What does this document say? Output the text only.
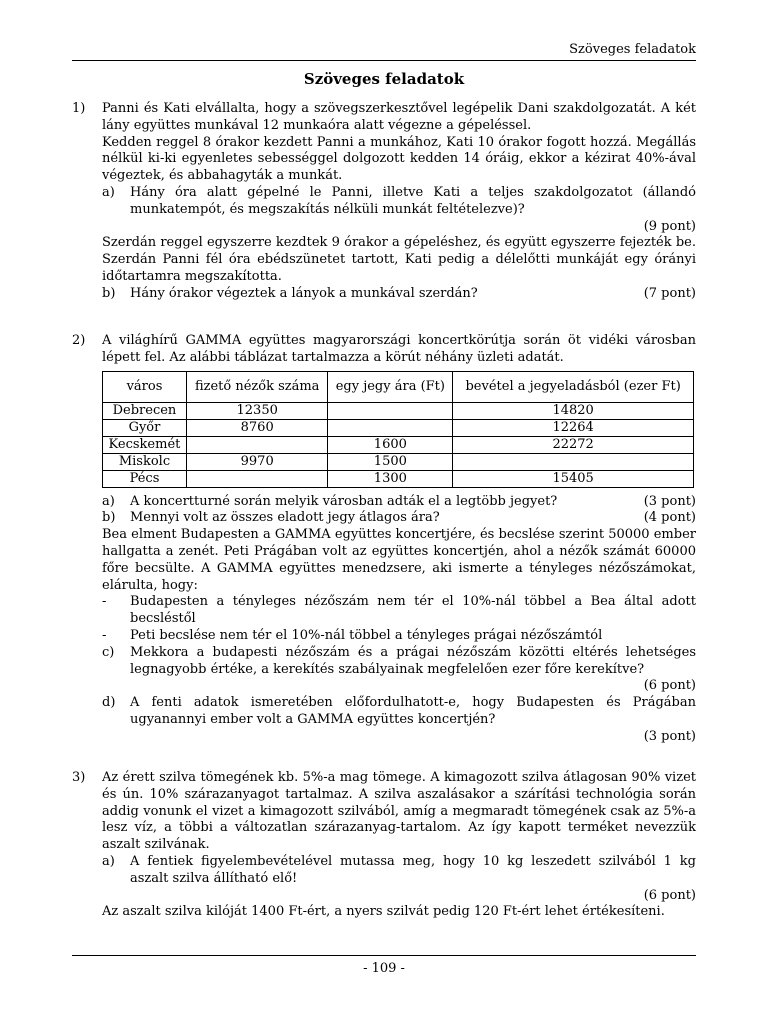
Szöveges feladatok
Szöveges feladatok
1)	Panni és Kati elvállalta, hogy a szövegszerkesztővel legépelik Dani szakdolgozatát. A két lány együttes munkával 12 munkaóra alatt végezne a gépeléssel.
Kedden reggel 8 órakor kezdett Panni a munkához, Kati 10 órakor fogott hozzá. Megállás nélkül ki-ki egyenletes sebességgel dolgozott kedden 14 óráig, ekkor a kézirat 40%-ával végeztek, és abbahagyták a munkát.
a)	Hány óra alatt gépelné le Panni, illetve Kati a teljes szakdolgozatot (állandó munkatempót, és megszakítás nélküli munkát feltételezve)?
(9 pont)
Szerdán reggel egyszerre kezdtek 9 órakor a gépeléshez, és együtt egyszerre fejezték be. Szerdán Panni fél óra ebédszünetet tartott, Kati pedig a délelőtti munkáját egy órányi időtartamra megszakította.
b)	Hány órakor végeztek a lányok a munkával szerdán?	(7 pont)
2)	A világhírű GAMMA együttes magyarországi koncertkörútja során öt vidéki városban lépett fel. Az alábbi táblázat tartalmazza a körút néhány üzleti adatát.
város	fizető nézők száma	egy jegy ára (Ft)	bevétel a jegyeladásból (ezer Ft)
Debrecen	12350		14820
Győr	8760		12264
Kecskemét		1600	22272
Miskolc	9970	1500	
Pécs		1300	15405
a)	A koncertturné során melyik városban adták el a legtöbb jegyet?	(3 pont)
b)	Mennyi volt az összes eladott jegy átlagos ára?	(4 pont)
Bea elment Budapesten a GAMMA együttes koncertjére, és becslése szerint 50000 ember hallgatta a zenét. Peti Prágában volt az együttes koncertjén, ahol a nézők számát 60000 főre becsülte. A GAMMA együttes menedzsere, aki ismerte a tényleges nézőszámokat, elárulta, hogy:
-	Budapesten a tényleges nézőszám nem tér el 10%-nál többel a Bea által adott becsléstől
-	Peti becslése nem tér el 10%-nál többel a tényleges prágai nézőszámtól
c)	Mekkora a budapesti nézőszám és a prágai nézőszám közötti eltérés lehetséges legnagyobb értéke, a kerekítés szabályainak megfelelően ezer főre kerekítve?
(6 pont)
d)	A fenti adatok ismeretében előfordulhatott-e, hogy Budapesten és Prágában ugyanannyi ember volt a GAMMA együttes koncertjén?
(3 pont)
3)	Az érett szilva tömegének kb. 5%-a mag tömege. A kimagozott szilva átlagosan 90% vizet és ún. 10% szárazanyagot tartalmaz. A szilva aszalásakor a szárítási technológia során addig vonunk el vizet a kimagozott szilvából, amíg a megmaradt tömegének csak az 5%-a lesz víz, a többi a változatlan szárazanyag-tartalom. Az így kapott terméket nevezzük aszalt szilvának.
a)	A fentiek figyelembevételével mutassa meg, hogy 10 kg leszedett szilvából 1 kg aszalt szilva állítható elő!
(6 pont)
Az aszalt szilva kilóját 1400 Ft-ért, a nyers szilvát pedig 120 Ft-ért lehet értékesíteni.
- 109 -
